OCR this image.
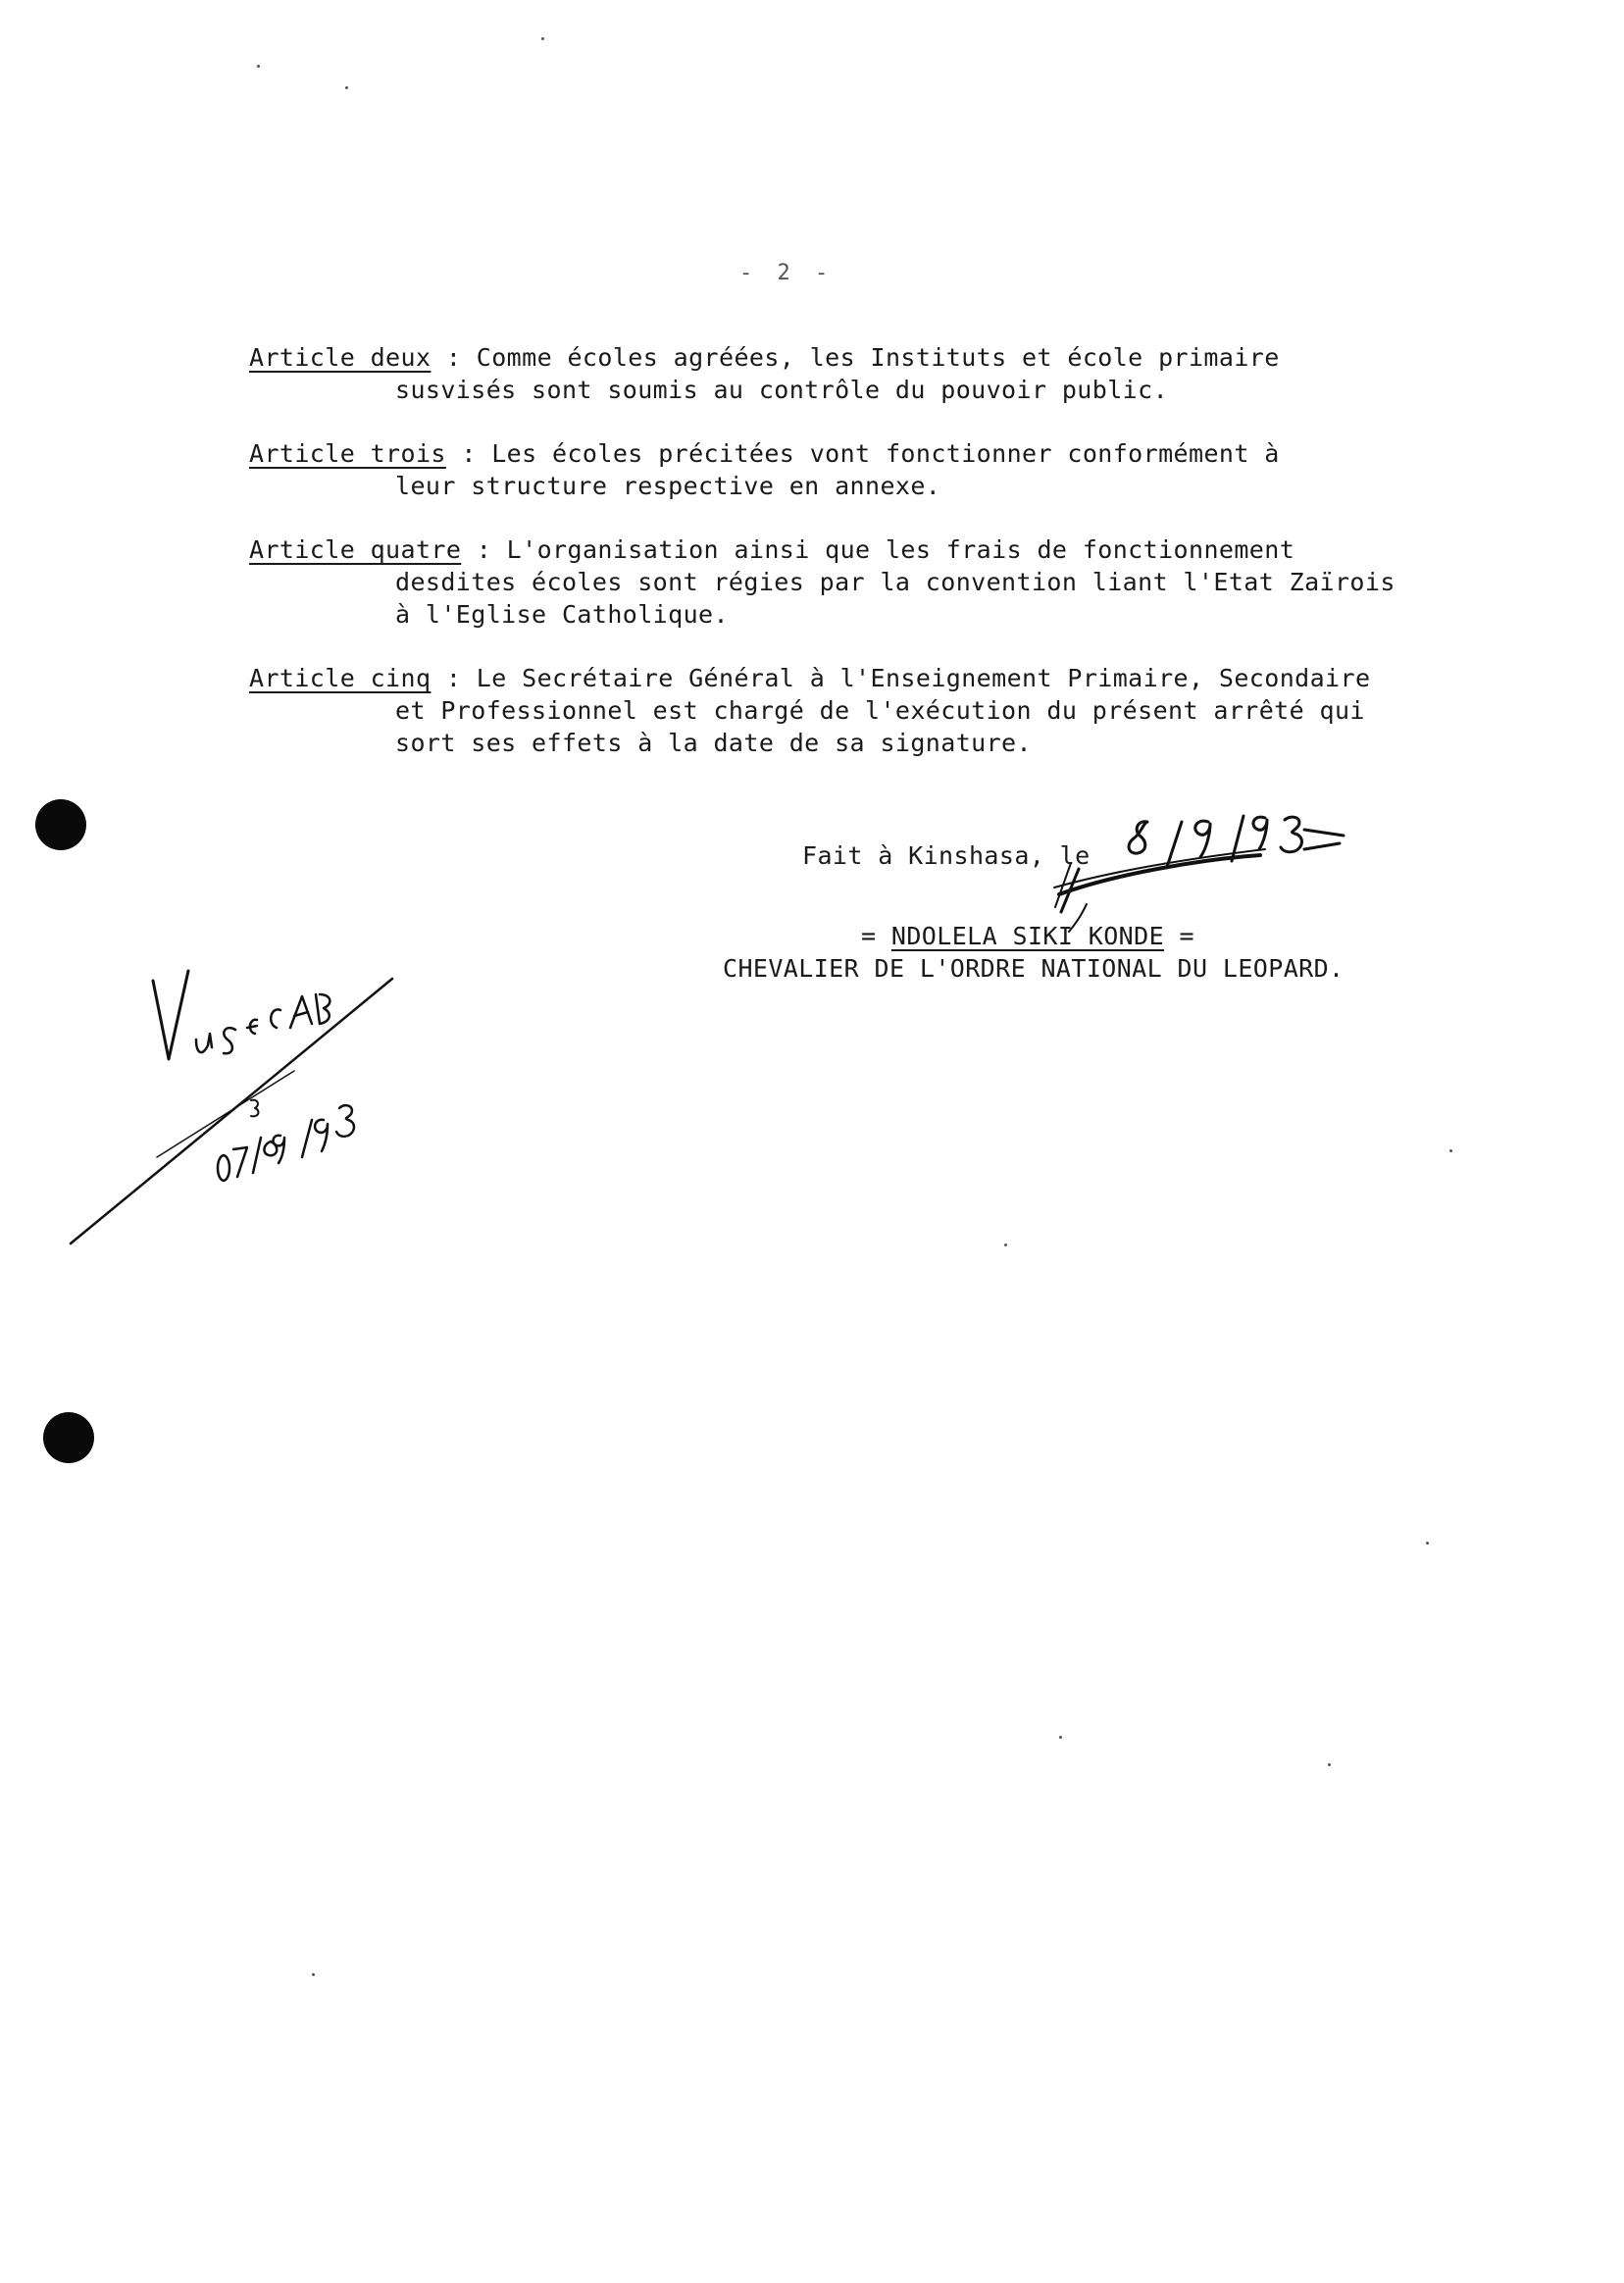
- 2 -
Article deux : Comme écoles agréées, les Instituts et école primaire
susvisés sont soumis au contrôle du pouvoir public.
Article trois : Les écoles précitées vont fonctionner conformément à
leur structure respective en annexe.
Article quatre : L'organisation ainsi que les frais de fonctionnement
desdites écoles sont régies par la convention liant l'Etat Zaïrois
à l'Eglise Catholique.
Article cinq : Le Secrétaire Général à l'Enseignement Primaire, Secondaire
et Professionnel est chargé de l'exécution du présent arrêté qui
sort ses effets à la date de sa signature.
Fait à Kinshasa, le
= NDOLELA SIKI KONDE =
CHEVALIER DE L'ORDRE NATIONAL DU LEOPARD.
